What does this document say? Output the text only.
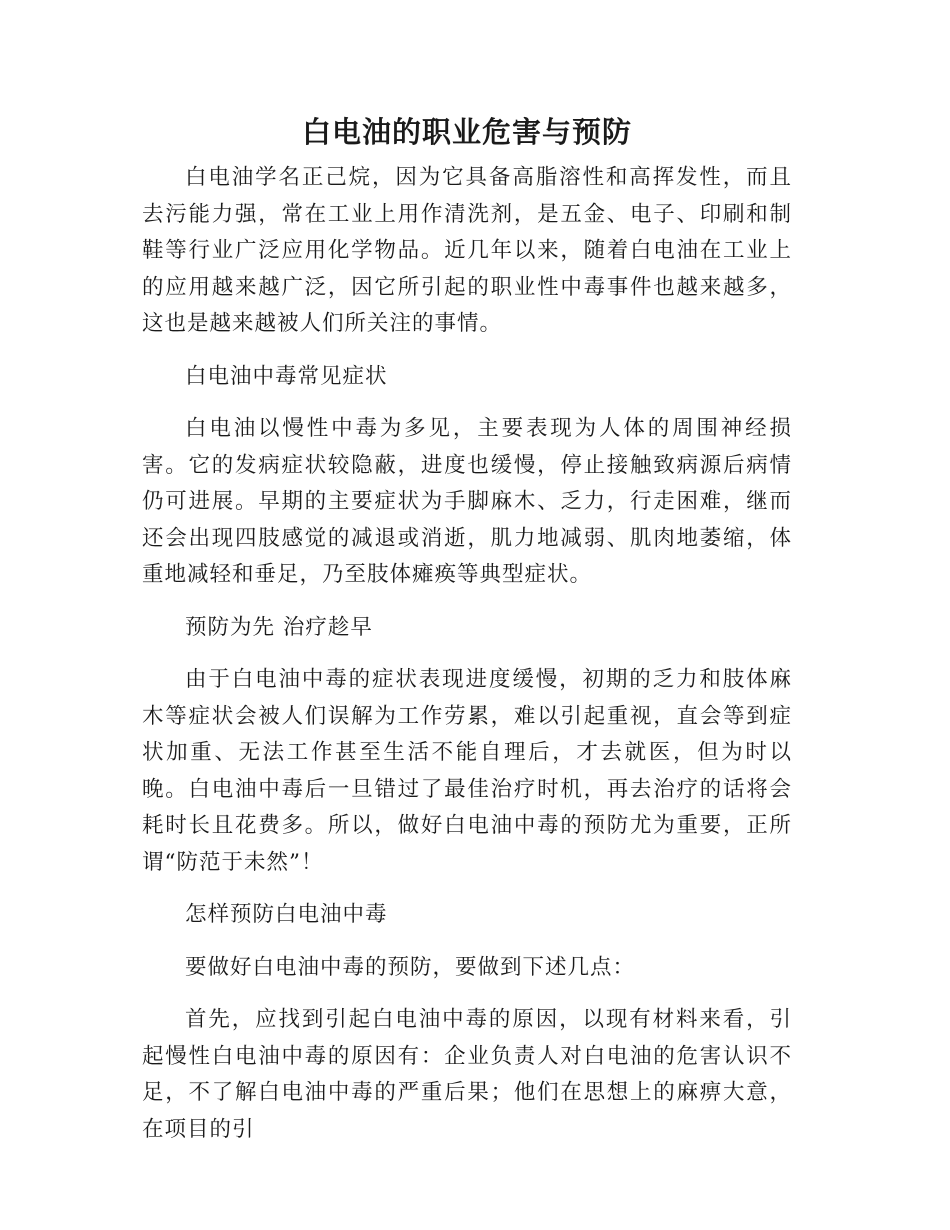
白电油的职业危害与预防

白电油学名正己烷，因为它具备高脂溶性和高挥发性，而且去污能力强，常在工业上用作清洗剂，是五金、电子、印刷和制鞋等行业广泛应用化学物品。近几年以来，随着白电油在工业上的应用越来越广泛，因它所引起的职业性中毒事件也越来越多，这也是越来越被人们所关注的事情。

白电油中毒常见症状

白电油以慢性中毒为多见，主要表现为人体的周围神经损害。它的发病症状较隐蔽，进度也缓慢，停止接触致病源后病情仍可进展。早期的主要症状为手脚麻木、乏力，行走困难，继而还会出现四肢感觉的减退或消逝，肌力地减弱、肌肉地萎缩，体重地减轻和垂足，乃至肢体瘫痪等典型症状。

预防为先 治疗趁早

由于白电油中毒的症状表现进度缓慢，初期的乏力和肢体麻木等症状会被人们误解为工作劳累，难以引起重视，直会等到症状加重、无法工作甚至生活不能自理后，才去就医，但为时以晚。白电油中毒后一旦错过了最佳治疗时机，再去治疗的话将会耗时长且花费多。所以，做好白电油中毒的预防尤为重要，正所谓“防范于未然”！

怎样预防白电油中毒

要做好白电油中毒的预防，要做到下述几点：

首先，应找到引起白电油中毒的原因，以现有材料来看，引起慢性白电油中毒的原因有：企业负责人对白电油的危害认识不足，不了解白电油中毒的严重后果；他们在思想上的麻痹大意，在项目的引
